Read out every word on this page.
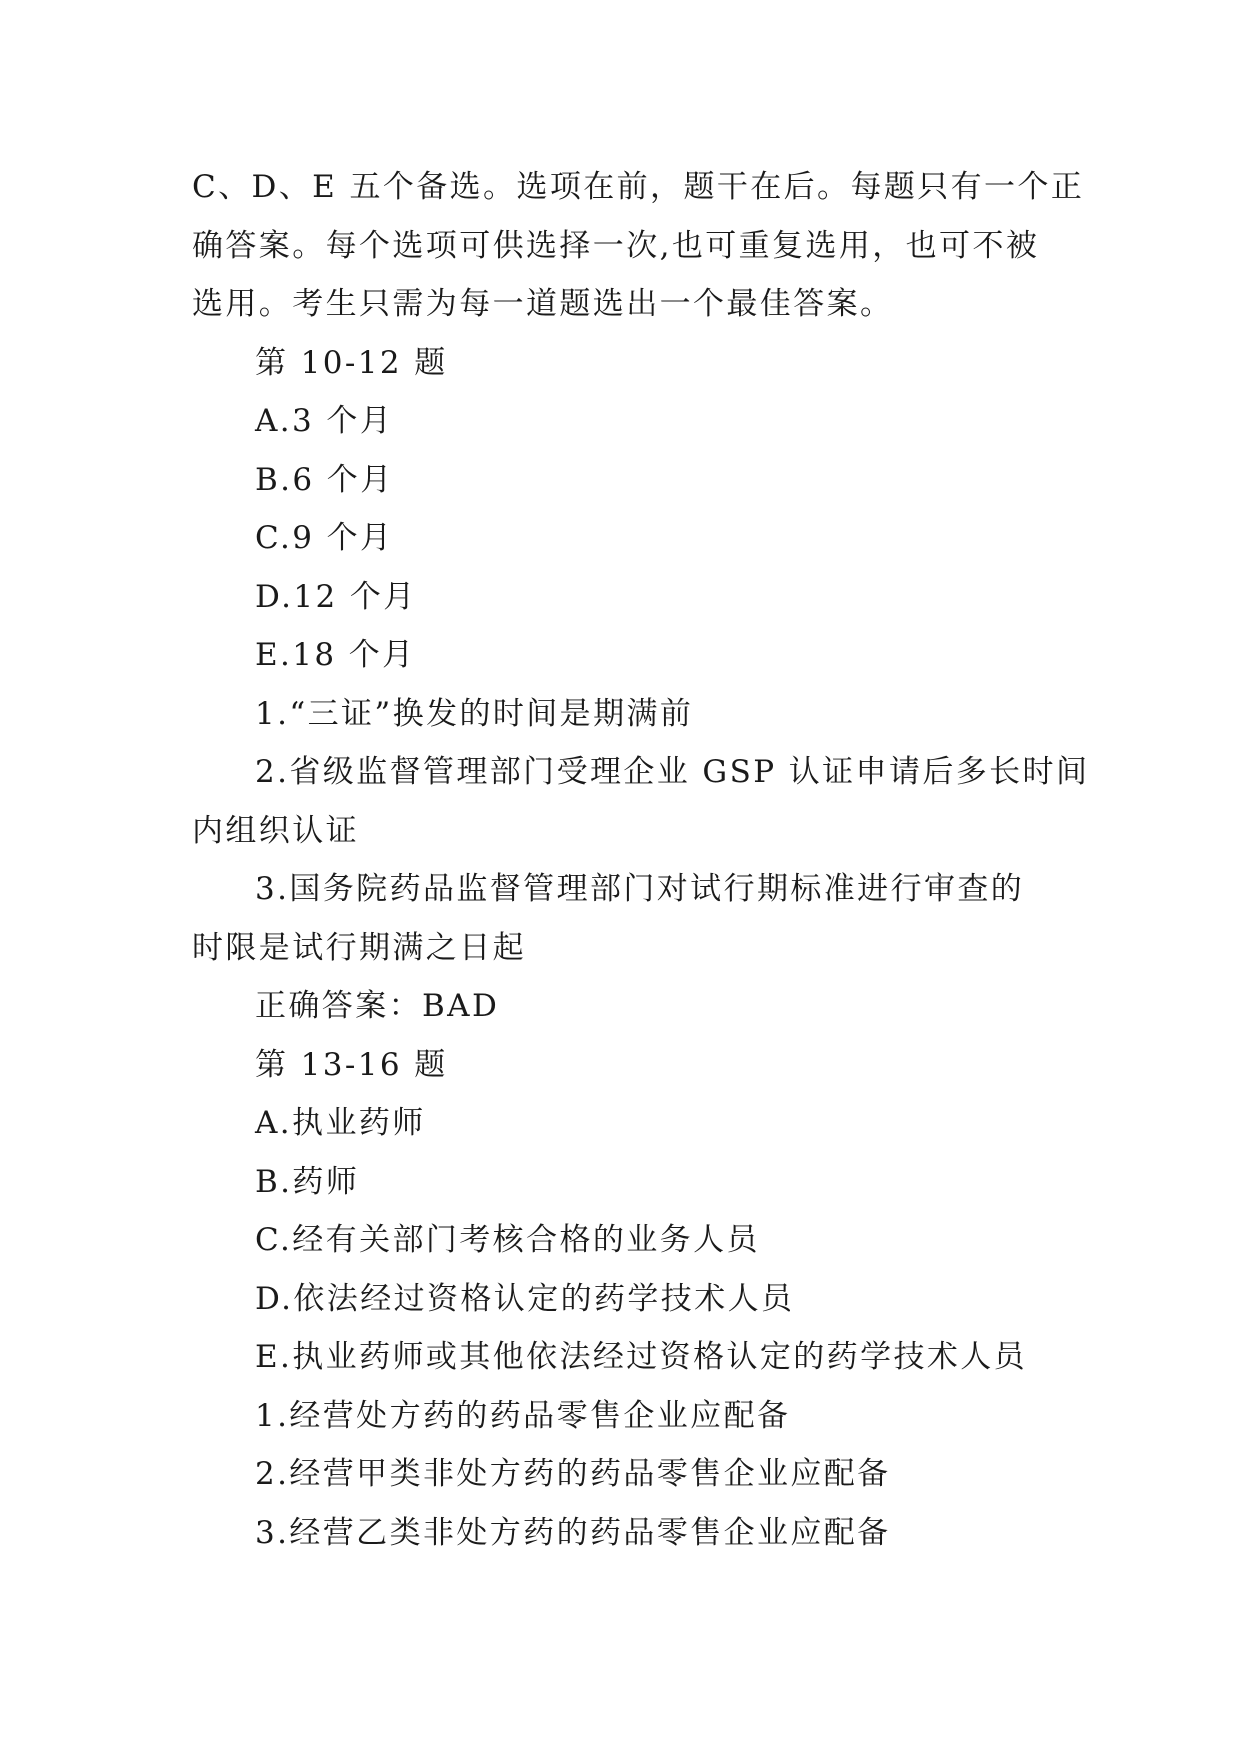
C、D、E 五个备选。选项在前，题干在后。每题只有一个正
确答案。每个选项可供选择一次,也可重复选用，也可不被
选用。考生只需为每一道题选出一个最佳答案。
第 10-12 题
A.3 个月
B.6 个月
C.9 个月
D.12 个月
E.18 个月
1.“三证”换发的时间是期满前
2.省级监督管理部门受理企业 GSP 认证申请后多长时间
内组织认证
3.国务院药品监督管理部门对试行期标准进行审查的
时限是试行期满之日起
正确答案：BAD
第 13-16 题
A.执业药师
B.药师
C.经有关部门考核合格的业务人员
D.依法经过资格认定的药学技术人员
E.执业药师或其他依法经过资格认定的药学技术人员
1.经营处方药的药品零售企业应配备
2.经营甲类非处方药的药品零售企业应配备
3.经营乙类非处方药的药品零售企业应配备
